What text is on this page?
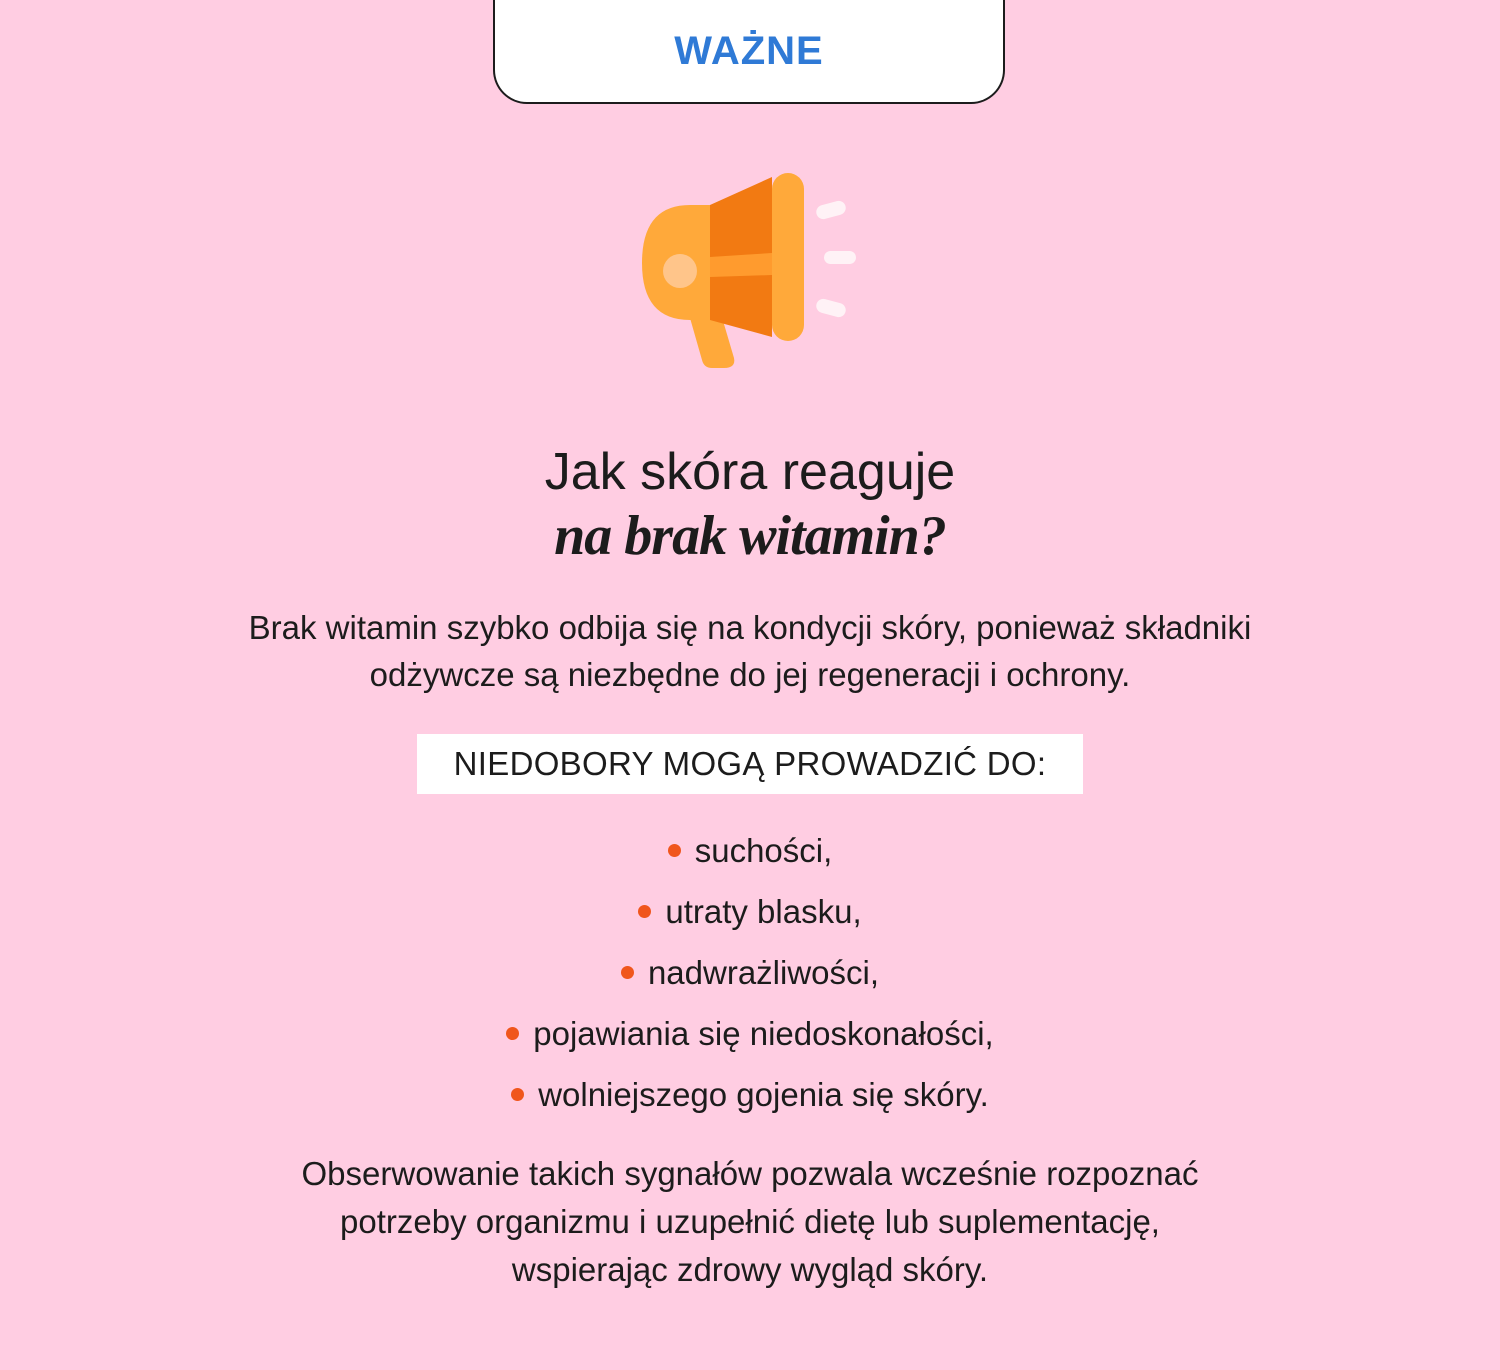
WAŻNE
Jak skóra reaguje
na brak witamin?

Brak witamin szybko odbija się na kondycji skóry, ponieważ składniki
odżywcze są niezbędne do jej regeneracji i ochrony.

NIEDOBORY MOGĄ PROWADZIĆ DO:
suchości,
utraty blasku,
nadwrażliwości,
pojawiania się niedoskonałości,
wolniejszego gojenia się skóry.

Obserwowanie takich sygnałów pozwala wcześnie rozpoznać
potrzeby organizmu i uzupełnić dietę lub suplementację,
wspierając zdrowy wygląd skóry.
